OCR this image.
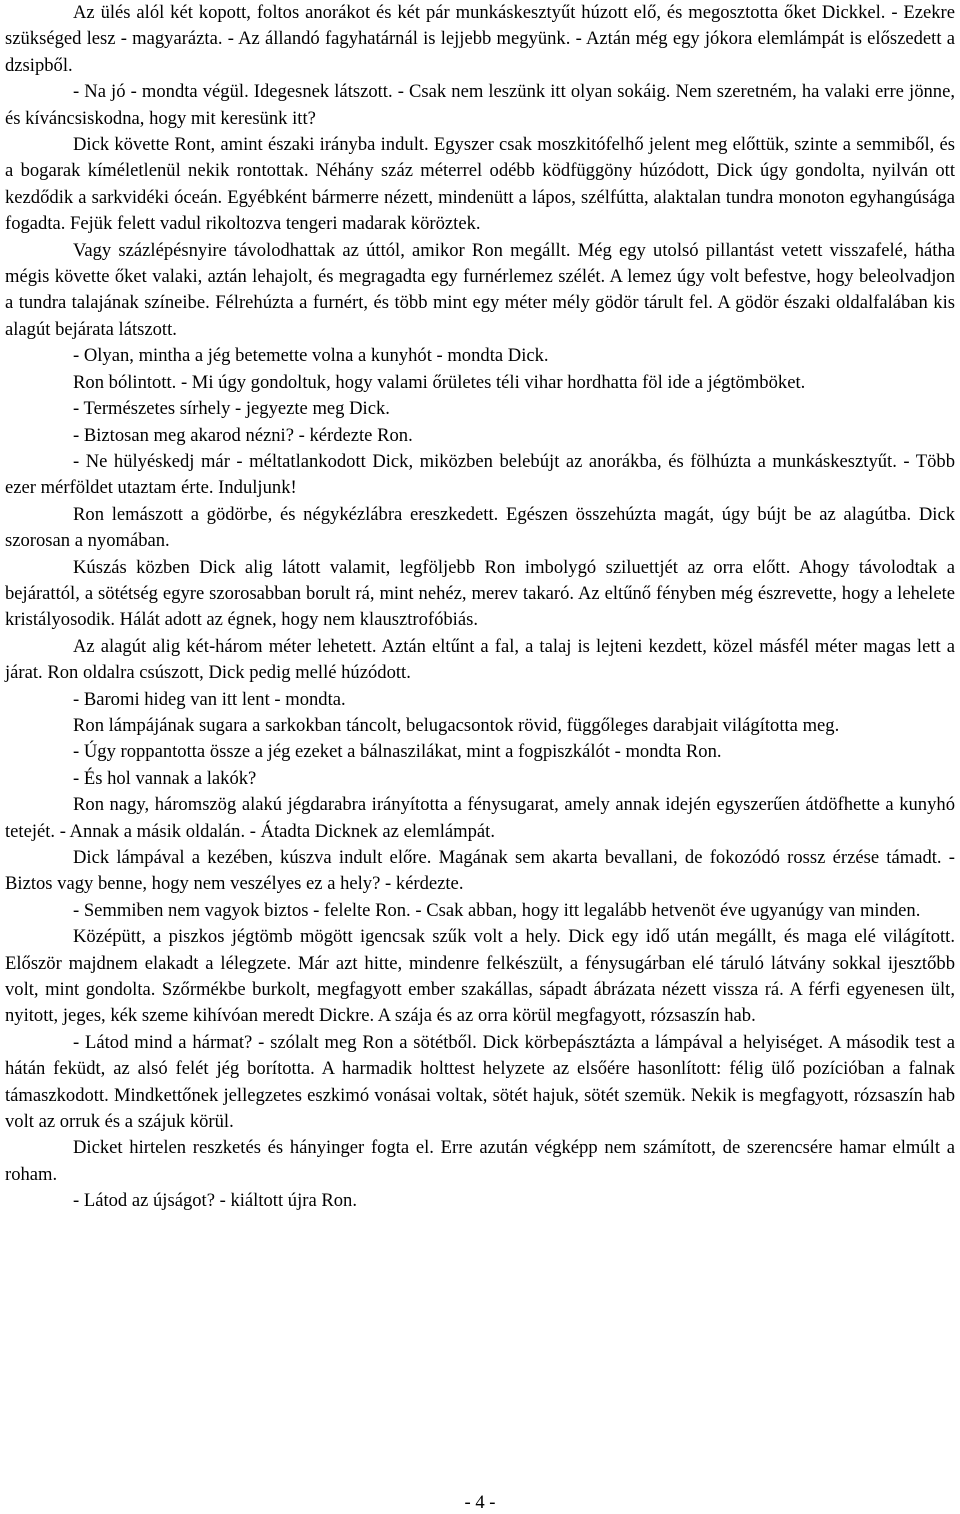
Az ülés alól két kopott, foltos anorákot és két pár munkáskesztyűt húzott elő, és megosztotta őket Dickkel. - Ezekre szükséged lesz - magyarázta. - Az állandó fagyhatárnál is lejjebb megyünk. - Aztán még egy jókora elemlámpát is előszedett a dzsipből.

- Na jó - mondta végül. Idegesnek látszott. - Csak nem leszünk itt olyan sokáig. Nem szeretném, ha valaki erre jönne, és kíváncsiskodna, hogy mit keresünk itt?

Dick követte Ront, amint északi irányba indult. Egyszer csak moszkitófelhő jelent meg előttük, szinte a semmiből, és a bogarak kíméletlenül nekik rontottak. Néhány száz méterrel odébb ködfüggöny húzódott, Dick úgy gondolta, nyilván ott kezdődik a sarkvidéki óceán. Egyébként bármerre nézett, mindenütt a lápos, szélfútta, alaktalan tundra monoton egyhangúsága fogadta. Fejük felett vadul rikoltozva tengeri madarak köröztek.

Vagy százlépésnyire távolodhattak az úttól, amikor Ron megállt. Még egy utolsó pillantást vetett visszafelé, hátha mégis követte őket valaki, aztán lehajolt, és megragadta egy furnérlemez szélét. A lemez úgy volt befestve, hogy beleolvadjon a tundra talajának színeibe. Félrehúzta a furnért, és több mint egy méter mély gödör tárult fel. A gödör északi oldalfalában kis alagút bejárata látszott.

- Olyan, mintha a jég betemette volna a kunyhót - mondta Dick.

Ron bólintott. - Mi úgy gondoltuk, hogy valami őrületes téli vihar hordhatta föl ide a jégtömböket.

- Természetes sírhely - jegyezte meg Dick.

- Biztosan meg akarod nézni? - kérdezte Ron.

- Ne hülyéskedj már - méltatlankodott Dick, miközben belebújt az anorákba, és fölhúzta a munkáskesztyűt. - Több ezer mérföldet utaztam érte. Induljunk!

Ron lemászott a gödörbe, és négykézlábra ereszkedett. Egészen összehúzta magát, úgy bújt be az alagútba. Dick szorosan a nyomában.

Kúszás közben Dick alig látott valamit, legföljebb Ron imbolygó sziluettjét az orra előtt. Ahogy távolodtak a bejárattól, a sötétség egyre szorosabban borult rá, mint nehéz, merev takaró. Az eltűnő fényben még észrevette, hogy a lehelete kristályosodik. Hálát adott az égnek, hogy nem klausztrofóbiás.

Az alagút alig két-három méter lehetett. Aztán eltűnt a fal, a talaj is lejteni kezdett, közel másfél méter magas lett a járat. Ron oldalra csúszott, Dick pedig mellé húzódott.

- Baromi hideg van itt lent - mondta.

Ron lámpájának sugara a sarkokban táncolt, belugacsontok rövid, függőleges darabjait világította meg.

- Úgy roppantotta össze a jég ezeket a bálnaszilákat, mint a fogpiszkálót - mondta Ron.

- És hol vannak a lakók?

Ron nagy, háromszög alakú jégdarabra irányította a fénysugarat, amely annak idején egyszerűen átdöfhette a kunyhó tetejét. - Annak a másik oldalán. - Átadta Dicknek az elemlámpát.

Dick lámpával a kezében, kúszva indult előre. Magának sem akarta bevallani, de fokozódó rossz érzése támadt. - Biztos vagy benne, hogy nem veszélyes ez a hely? - kérdezte.

- Semmiben nem vagyok biztos - felelte Ron. - Csak abban, hogy itt legalább hetvenöt éve ugyanúgy van minden.

Középütt, a piszkos jégtömb mögött igencsak szűk volt a hely. Dick egy idő után megállt, és maga elé világított. Először majdnem elakadt a lélegzete. Már azt hitte, mindenre felkészült, a fénysugárban elé táruló látvány sokkal ijesztőbb volt, mint gondolta. Szőrmékbe burkolt, megfagyott ember szakállas, sápadt ábrázata nézett vissza rá. A férfi egyenesen ült, nyitott, jeges, kék szeme kihívóan meredt Dickre. A szája és az orra körül megfagyott, rózsaszín hab.

- Látod mind a hármat? - szólalt meg Ron a sötétből. Dick körbepásztázta a lámpával a helyiséget. A második test a hátán feküdt, az alsó felét jég borította. A harmadik holttest helyzete az elsőére hasonlított: félig ülő pozícióban a falnak támaszkodott. Mindkettőnek jellegzetes eszkimó vonásai voltak, sötét hajuk, sötét szemük. Nekik is megfagyott, rózsaszín hab volt az orruk és a szájuk körül.

Dicket hirtelen reszketés és hányinger fogta el. Erre azután végképp nem számított, de szerencsére hamar elmúlt a roham.

- Látod az újságot? - kiáltott újra Ron.

- 4 -
